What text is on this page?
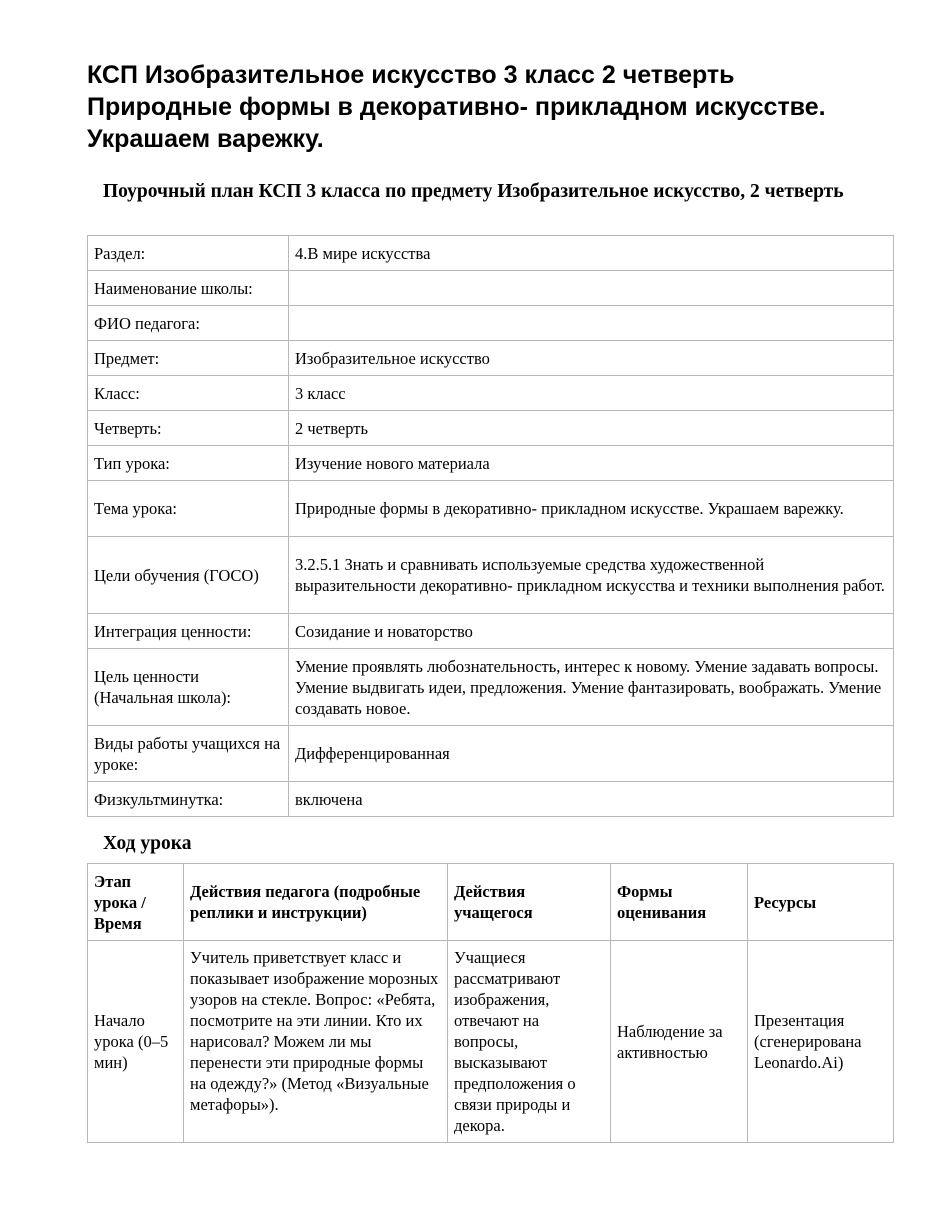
КСП Изобразительное искусство 3 класс 2 четверть Природные формы в декоративно- прикладном искусстве. Украшаем варежку.
Поурочный план КСП 3 класса по предмету Изобразительное искусство, 2 четверть
Раздел:	4.В мире искусства
Наименование школы:	
ФИО педагога:	
Предмет:	Изобразительное искусство
Класс:	3 класс
Четверть:	2 четверть
Тип урока:	Изучение нового материала
Тема урока:	Природные формы в декоративно- прикладном искусстве. Украшаем варежку.
Цели обучения (ГОСО)	3.2.5.1 Знать и сравнивать используемые средства художественной выразительности декоративно- прикладном искусства и техники выполнения работ.
Интеграция ценности:	Созидание и новаторство
Цель ценности (Начальная школа):	Умение проявлять любознательность, интерес к новому. Умение задавать вопросы. Умение выдвигать идеи, предложения. Умение фантазировать, воображать. Умение создавать новое.
Виды работы учащихся на уроке:	Дифференцированная
Физкультминутка:	включена
Ход урока
Этап урока / Время	Действия педагога (подробные реплики и инструкции)	Действия учащегося	Формы оценивания	Ресурсы
Начало урока (0–5 мин)	Учитель приветствует класс и показывает изображение морозных узоров на стекле. Вопрос: «Ребята, посмотрите на эти линии. Кто их нарисовал? Можем ли мы перенести эти природные формы на одежду?» (Метод «Визуальные метафоры»).	Учащиеся рассматривают изображения, отвечают на вопросы, высказывают предположения о связи природы и декора.	Наблюдение за активностью	Презентация (сгенерирована Leonardo.Ai)
